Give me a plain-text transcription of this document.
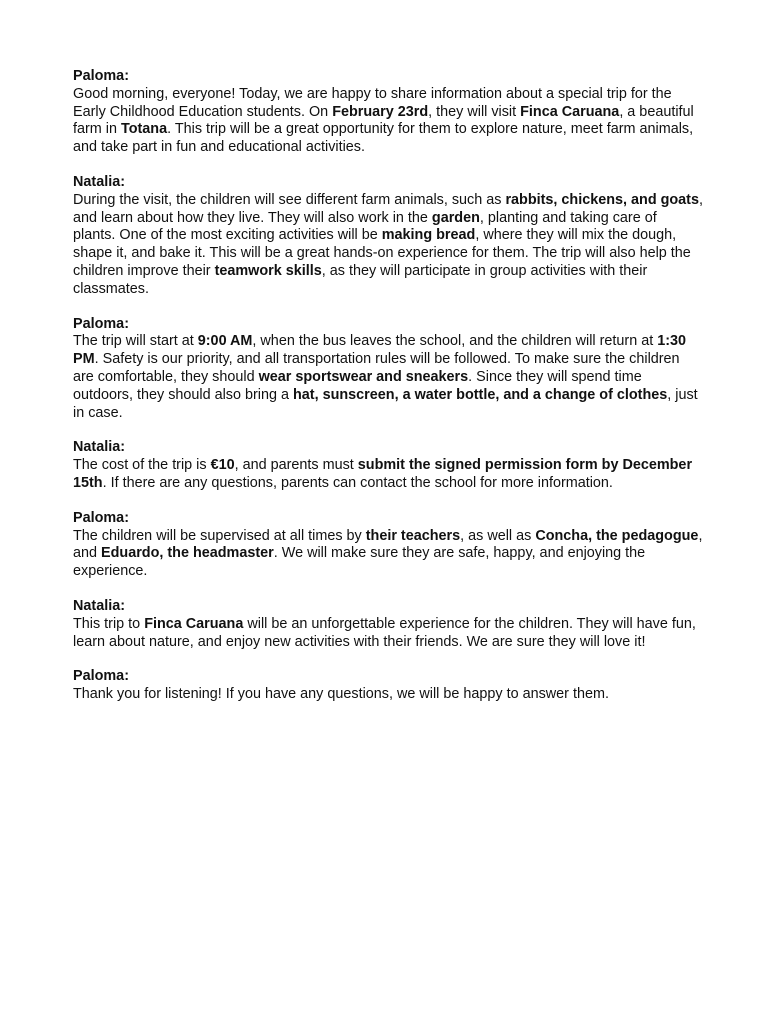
Paloma:

Good morning, everyone! Today, we are happy to share information about a special trip for the Early Childhood Education students. On February 23rd, they will visit Finca Caruana, a beautiful farm in Totana. This trip will be a great opportunity for them to explore nature, meet farm animals, and take part in fun and educational activities.

Natalia:

During the visit, the children will see different farm animals, such as rabbits, chickens, and goats, and learn about how they live. They will also work in the garden, planting and taking care of plants. One of the most exciting activities will be making bread, where they will mix the dough, shape it, and bake it. This will be a great hands-on experience for them. The trip will also help the children improve their teamwork skills, as they will participate in group activities with their classmates.

Paloma:

The trip will start at 9:00 AM, when the bus leaves the school, and the children will return at 1:30 PM. Safety is our priority, and all transportation rules will be followed. To make sure the children are comfortable, they should wear sportswear and sneakers. Since they will spend time outdoors, they should also bring a hat, sunscreen, a water bottle, and a change of clothes, just in case.

Natalia:

The cost of the trip is €10, and parents must submit the signed permission form by December 15th. If there are any questions, parents can contact the school for more information.

Paloma:

The children will be supervised at all times by their teachers, as well as Concha, the pedagogue, and Eduardo, the headmaster. We will make sure they are safe, happy, and enjoying the experience.

Natalia:

This trip to Finca Caruana will be an unforgettable experience for the children. They will have fun, learn about nature, and enjoy new activities with their friends. We are sure they will love it!

Paloma:

Thank you for listening! If you have any questions, we will be happy to answer them.
